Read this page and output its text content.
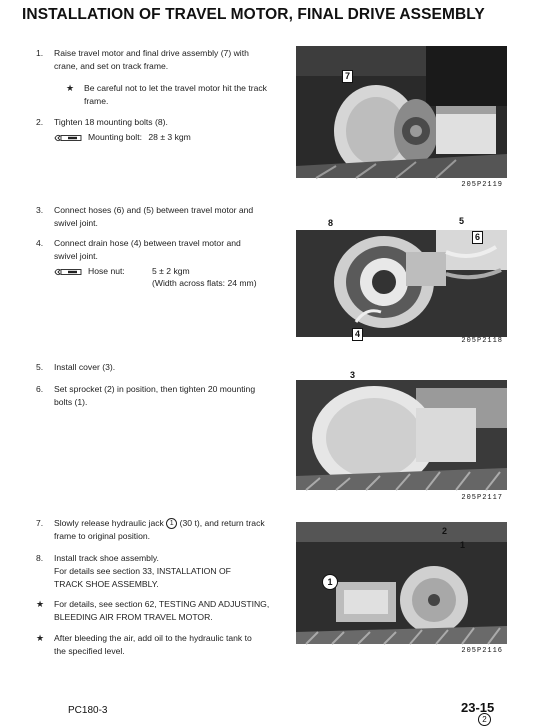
INSTALLATION OF TRAVEL MOTOR, FINAL DRIVE ASSEMBLY
1. Raise travel motor and final drive assembly (7) with
crane, and set on track frame.
★ Be careful not to let the travel motor hit the track
frame.
2. Tighten 18 mounting bolts (8).
Mounting bolt: 28 ± 3 kgm
3. Connect hoses (6) and (5) between travel motor and
swivel joint.
4. Connect drain hose (4) between travel motor and
swivel joint.
Hose nut:	5 ± 2 kgm
(Width across flats: 24 mm)
5. Install cover (3).
6. Set sprocket (2) in position, then tighten 20 mounting
bolts (1).
7. Slowly release hydraulic jack 1 (30 t), and return track
frame to original position.
8. Install track shoe assembly.
For details see section 33, INSTALLATION OF
TRACK SHOE ASSEMBLY.
★ For details, see section 62, TESTING AND ADJUSTING,
BLEEDING AIR FROM TRAVEL MOTOR.
★ After bleeding the air, add oil to the hydraulic tank to
the specified level.
7
205P2119
8	5
6
4
205P2118
3
205P2117
2
1
1
205P2116
PC180-3	23-15
2
